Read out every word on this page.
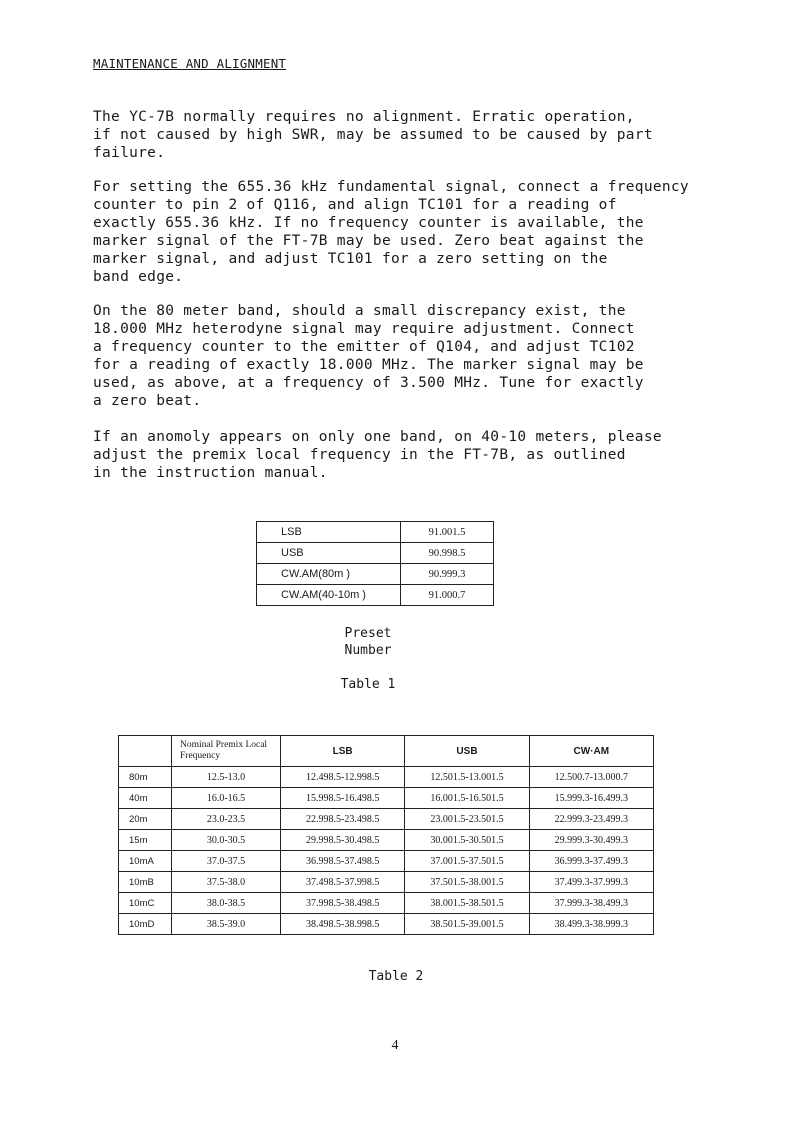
MAINTENANCE AND ALIGNMENT
The YC-7B normally requires no alignment. Erratic operation,
if not caused by high SWR, may be assumed to be caused by part
failure.
For setting the 655.36 kHz fundamental signal, connect a frequency
counter to pin 2 of Q116, and align TC101 for a reading of
exactly 655.36 kHz. If no frequency counter is available, the
marker signal of the FT-7B may be used. Zero beat against the
marker signal, and adjust TC101 for a zero setting on the
band edge.
On the 80 meter band, should a small discrepancy exist, the
18.000 MHz heterodyne signal may require adjustment. Connect
a frequency counter to the emitter of Q104, and adjust TC102
for a reading of exactly 18.000 MHz. The marker signal may be
used, as above, at a frequency of 3.500 MHz. Tune for exactly
a zero beat.
If an anomoly appears on only one band, on 40-10 meters, please
adjust the premix local frequency in the FT-7B, as outlined
in the instruction manual.
LSB	91.001.5
USB	90.998.5
CW.AM(80m )	90.999.3
CW.AM(40-10m )	91.000.7
Preset
Number
Table 1
	Nominal Premix Local Frequency	LSB	USB	CW·AM
80m	12.5-13.0	12.498.5-12.998.5	12.501.5-13.001.5	12.500.7-13.000.7
40m	16.0-16.5	15.998.5-16.498.5	16.001.5-16.501.5	15.999.3-16.499.3
20m	23.0-23.5	22.998.5-23.498.5	23.001.5-23.501.5	22.999.3-23.499.3
15m	30.0-30.5	29.998.5-30.498.5	30.001.5-30.501.5	29.999.3-30.499.3
10mA	37.0-37.5	36.998.5-37.498.5	37.001.5-37.501.5	36.999.3-37.499.3
10mB	37.5-38.0	37.498.5-37.998.5	37.501.5-38.001.5	37.499.3-37.999.3
10mC	38.0-38.5	37.998.5-38.498.5	38.001.5-38.501.5	37.999.3-38.499.3
10mD	38.5-39.0	38.498.5-38.998.5	38.501.5-39.001.5	38.499.3-38.999.3
Table 2
4
